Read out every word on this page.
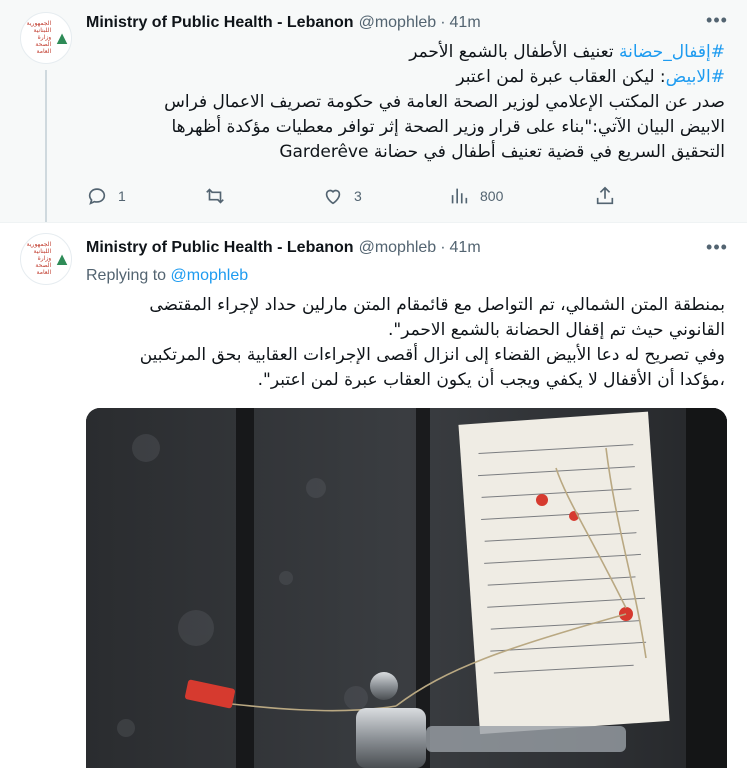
الجمهورية اللبنانية وزارة الصحة العامة
▲
Ministry of Public Health - Lebanon @mophleb · 41m	•••
#إقفال_حضانة تعنيف الأطفال بالشمع الأحمر
#الابيض: ليكن العقاب عبرة لمن اعتبر
صدر عن المكتب الإعلامي لوزير الصحة العامة في حكومة تصريف الاعمال فراس
الابيض البيان الآتي:"بناء على قرار وزير الصحة إثر توافر معطيات مؤكدة أظهرها
التحقيق السريع في قضية تعنيف أطفال في حضانة Garderêve
1	3	800
الجمهورية اللبنانية وزارة الصحة العامة
▲
Ministry of Public Health - Lebanon @mophleb · 41m	•••
Replying to @mophleb
بمنطقة المتن الشمالي، تم التواصل مع قائمقام المتن مارلين حداد لإجراء المقتضى
القانوني حيث تم إقفال الحضانة بالشمع الاحمر".
وفي تصريح له دعا الأبيض القضاء إلى انزال أقصى الإجراءات العقابية بحق المرتكبين
،مؤكدا أن الأقفال لا يكفي ويجب أن يكون العقاب عبرة لمن اعتبر".
